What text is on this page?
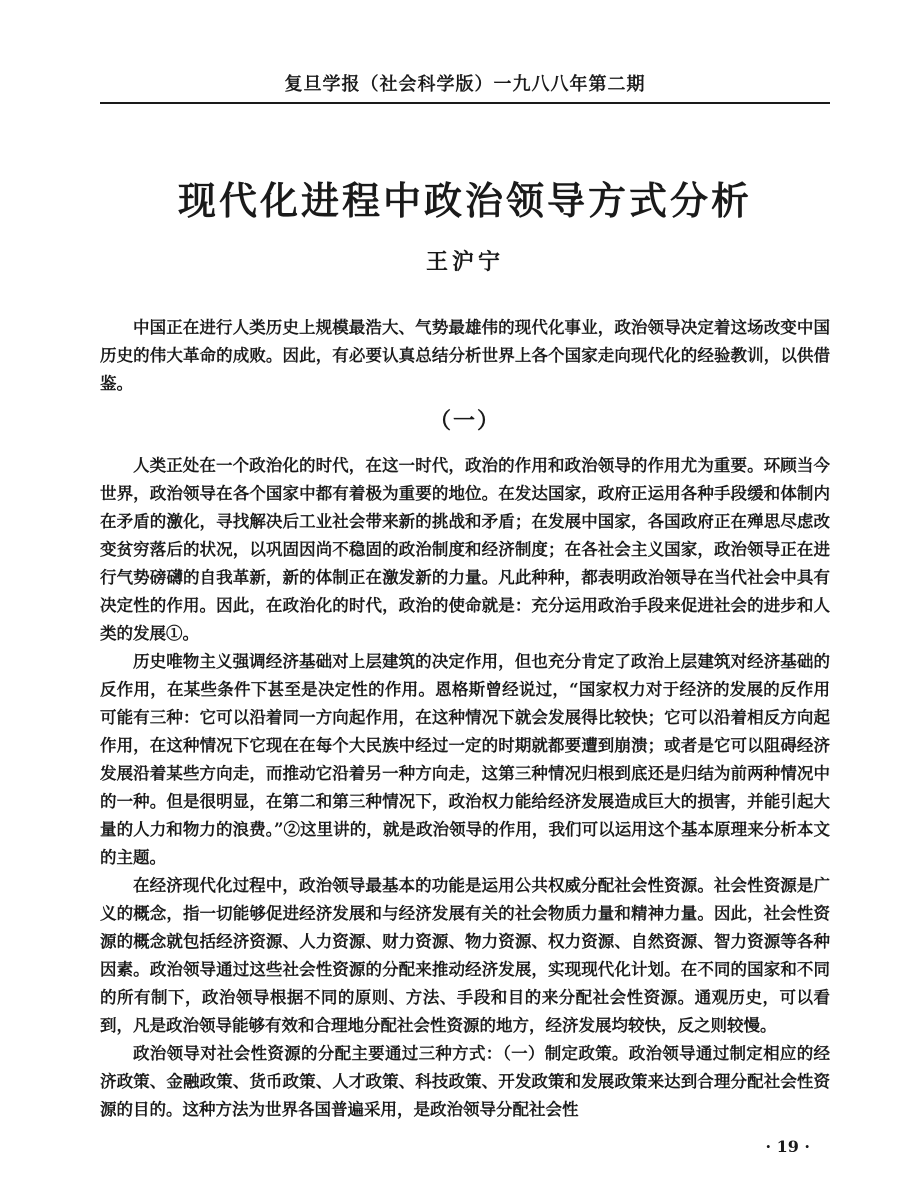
复旦学报（社会科学版）一九八八年第二期
现代化进程中政治领导方式分析
王沪宁

中国正在进行人类历史上规模最浩大、气势最雄伟的现代化事业，政治领导决定着这场改变中国历史的伟大革命的成败。因此，有必要认真总结分析世界上各个国家走向现代化的经验教训，以供借鉴。

（一）

人类正处在一个政治化的时代，在这一时代，政治的作用和政治领导的作用尤为重要。环顾当今世界，政治领导在各个国家中都有着极为重要的地位。在发达国家，政府正运用各种手段缓和体制内在矛盾的激化，寻找解决后工业社会带来新的挑战和矛盾；在发展中国家，各国政府正在殚思尽虑改变贫穷落后的状况，以巩固因尚不稳固的政治制度和经济制度；在各社会主义国家，政治领导正在进行气势磅礴的自我革新，新的体制正在激发新的力量。凡此种种，都表明政治领导在当代社会中具有决定性的作用。因此，在政治化的时代，政治的使命就是：充分运用政治手段来促进社会的进步和人类的发展①。

历史唯物主义强调经济基础对上层建筑的决定作用，但也充分肯定了政治上层建筑对经济基础的反作用，在某些条件下甚至是决定性的作用。恩格斯曾经说过，“国家权力对于经济的发展的反作用可能有三种：它可以沿着同一方向起作用，在这种情况下就会发展得比较快；它可以沿着相反方向起作用，在这种情况下它现在在每个大民族中经过一定的时期就都要遭到崩溃；或者是它可以阻碍经济发展沿着某些方向走，而推动它沿着另一种方向走，这第三种情况归根到底还是归结为前两种情况中的一种。但是很明显，在第二和第三种情况下，政治权力能给经济发展造成巨大的损害，并能引起大量的人力和物力的浪费。”②这里讲的，就是政治领导的作用，我们可以运用这个基本原理来分析本文的主题。

在经济现代化过程中，政治领导最基本的功能是运用公共权威分配社会性资源。社会性资源是广义的概念，指一切能够促进经济发展和与经济发展有关的社会物质力量和精神力量。因此，社会性资源的概念就包括经济资源、人力资源、财力资源、物力资源、权力资源、自然资源、智力资源等各种因素。政治领导通过这些社会性资源的分配来推动经济发展，实现现代化计划。在不同的国家和不同的所有制下，政治领导根据不同的原则、方法、手段和目的来分配社会性资源。通观历史，可以看到，凡是政治领导能够有效和合理地分配社会性资源的地方，经济发展均较快，反之则较慢。

政治领导对社会性资源的分配主要通过三种方式：（一）制定政策。政治领导通过制定相应的经济政策、金融政策、货币政策、人才政策、科技政策、开发政策和发展政策来达到合理分配社会性资源的目的。这种方法为世界各国普遍采用，是政治领导分配社会性

· 19 ·
